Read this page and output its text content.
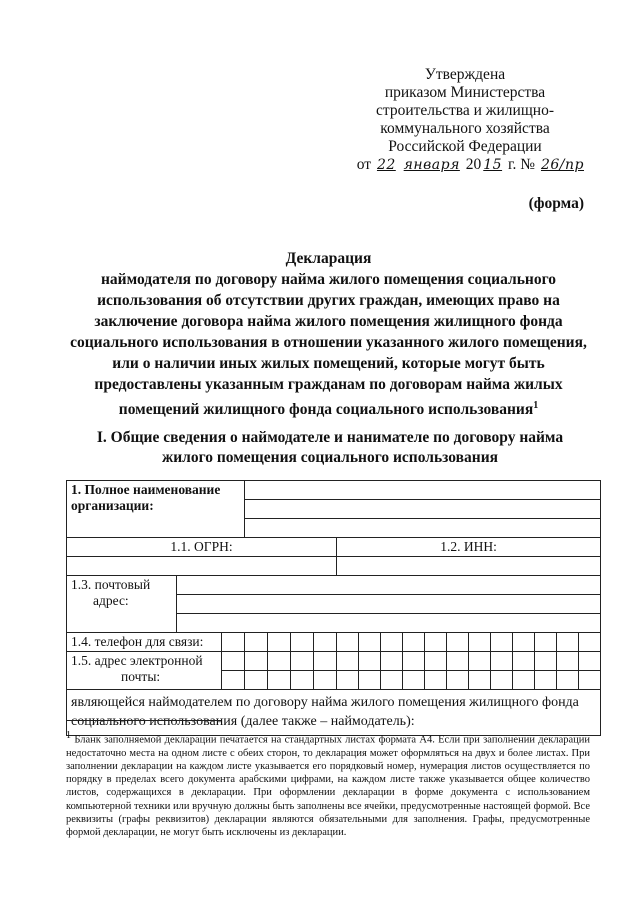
Утверждена
приказом Министерства
строительства и жилищно-
коммунального хозяйства
Российской Федерации
от 22 января 20 15 г. № 26/пр
(форма)
Декларация
наймодателя по договору найма жилого помещения социального использования об отсутствии других граждан, имеющих право на заключение договора найма жилого помещения жилищного фонда социального использования в отношении указанного жилого помещения, или о наличии иных жилых помещений, которые могут быть предоставлены указанным гражданам по договорам найма жилых помещений жилищного фонда социального использования$^1$
I. Общие сведения о наймодателе и нанимателе по договору найма жилого помещения социального использования
1. Полное наименование организации:																		

1.1. ОГРН:							1.2. ИНН:											

1.3. почтовый
адрес:																		

1.4. телефон для связи:																		

1.5. адрес электронной
почты:																		

являющейся наймодателем по договору найма жилого помещения жилищного фонда социального использования (далее также – наймодатель):																		
$^1$ Бланк заполняемой декларации печатается на стандартных листах формата А4. Если при заполнении декларации недостаточно места на одном листе с обеих сторон, то декларация может оформляться на двух и более листах. При заполнении декларации на каждом листе указывается его порядковый номер, нумерация листов осуществляется по порядку в пределах всего документа арабскими цифрами, на каждом листе также указывается общее количество листов, содержащихся в декларации. При оформлении декларации в форме документа с использованием компьютерной техники или вручную должны быть заполнены все ячейки, предусмотренные настоящей формой. Все реквизиты (графы реквизитов) декларации являются обязательными для заполнения. Графы, предусмотренные формой декларации, не могут быть исключены из декларации.
